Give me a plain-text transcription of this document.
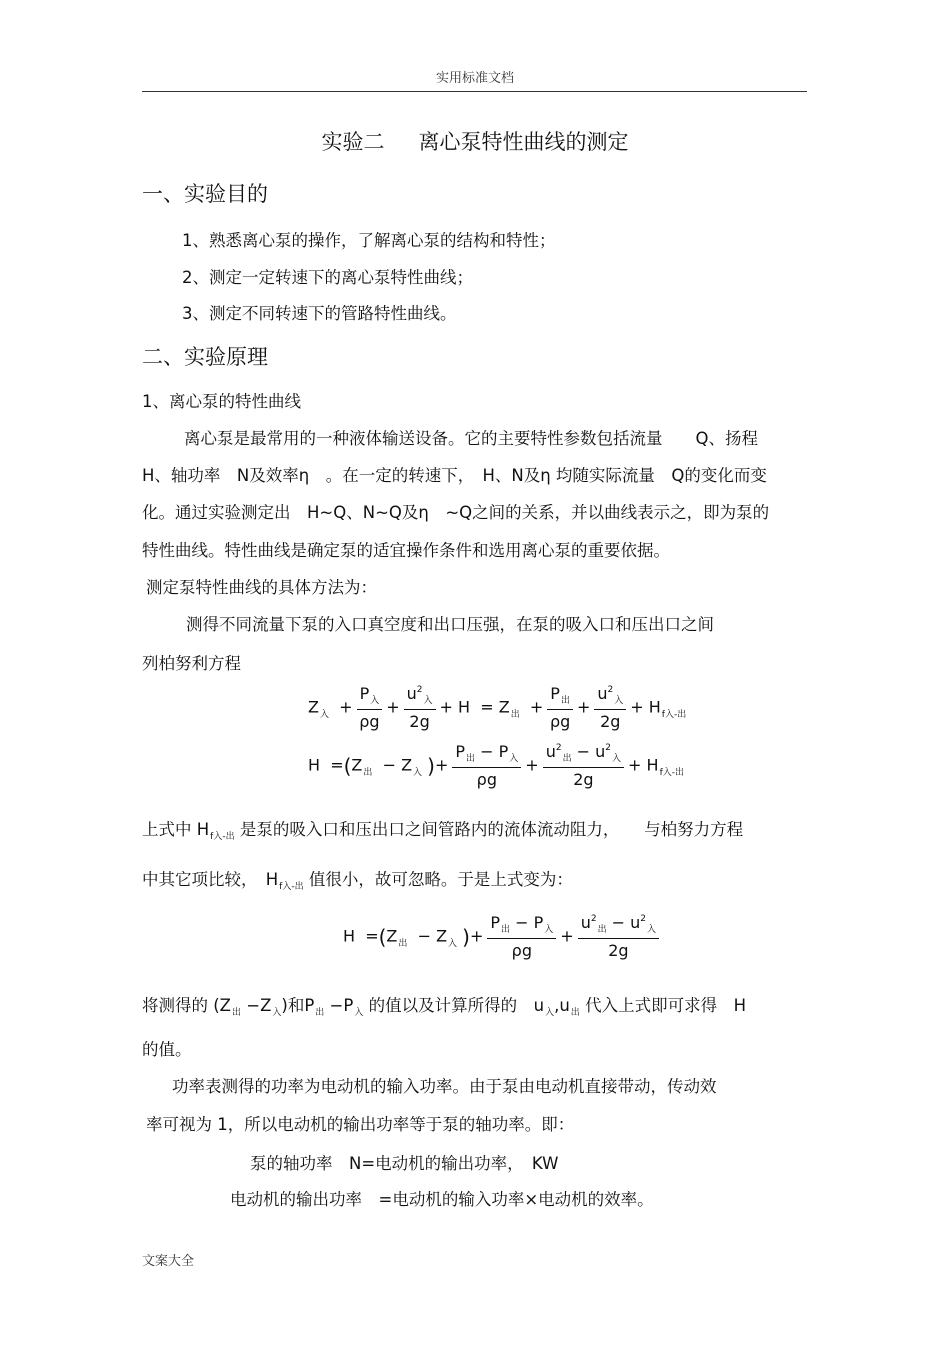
实用标准文档
实验二 离心泵特性曲线的测定
一、实验目的
1、熟悉离心泵的操作，了解离心泵的结构和特性；
2、测定一定转速下的离心泵特性曲线；
3、测定不同转速下的管路特性曲线。
二、实验原理
1、离心泵的特性曲线
离心泵是最常用的一种液体输送设备。它的主要特性参数包括流量　　Q、扬程
H、轴功率　N及效率η　。在一定的转速下，　H、N及η 均随实际流量　Q的变化而变
化。通过实验测定出　H~Q、N~Q及η　~Q之间的关系，并以曲线表示之，即为泵的
特性曲线。特性曲线是确定泵的适宜操作条件和选用离心泵的重要依据。
测定泵特性曲线的具体方法为：
测得不同流量下泵的入口真空度和出口压强，在泵的吸入口和压出口之间
列柏努利方程
$Z_入 + \frac{P_入}{\rho g} + \frac{u^2_入}{2g} + H = Z_出 + \frac{P_出}{\rho g} + \frac{u^2_入}{2g} + H_{f入-出}$
$H =(Z_出 - Z_入$ )+ $\frac{P_出 - P_入}{\rho g} + \frac{u^2_出 - u^2_入}{2g} + H_{f入-出}$
上式中 $H_{f入-出}$ 是泵的吸入口和压出口之间管路内的流体流动阻力，　　与柏努力方程
中其它项比较，　$H_{f入-出}$ 值很小，故可忽略。于是上式变为：
$H =(Z_出 - Z_入$ )+ $\frac{P_出 - P_入}{\rho g} + \frac{u^2_出 - u^2_入}{2g}$
将测得的 $(Z_出 -Z_入)$和$P_出 -P_入$ 的值以及计算所得的　$u_入,u_出$ 代入上式即可求得　H
的值。
功率表测得的功率为电动机的输入功率。由于泵由电动机直接带动，传动效
率可视为 1，所以电动机的输出功率等于泵的轴功率。即：
泵的轴功率　N=电动机的输出功率，　KW
电动机的输出功率　=电动机的输入功率×电动机的效率。
文案大全
